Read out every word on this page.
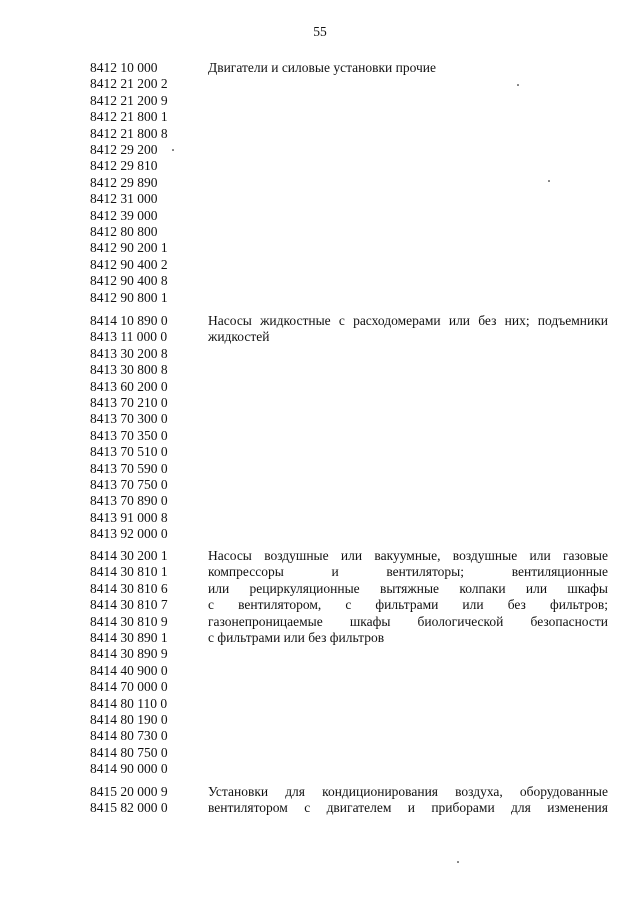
55
8412 10 000
8412 21 200 2
8412 21 200 9
8412 21 800 1
8412 21 800 8
8412 29 200
8412 29 810
8412 29 890
8412 31 000
8412 39 000
8412 80 800
8412 90 200 1
8412 90 400 2
8412 90 400 8
8412 90 800 1
Двигатели и силовые установки прочие
8414 10 890 0
8413 11 000 0
8413 30 200 8
8413 30 800 8
8413 60 200 0
8413 70 210 0
8413 70 300 0
8413 70 350 0
8413 70 510 0
8413 70 590 0
8413 70 750 0
8413 70 890 0
8413 91 000 8
8413 92 000 0
Насосы жидкостные с расходомерами или без них; подъемники
жидкостей
8414 30 200 1
8414 30 810 1
8414 30 810 6
8414 30 810 7
8414 30 810 9
8414 30 890 1
8414 30 890 9
8414 40 900 0
8414 70 000 0
8414 80 110 0
8414 80 190 0
8414 80 730 0
8414 80 750 0
8414 90 000 0
Насосы воздушные или вакуумные, воздушные или газовые
компрессоры и вентиляторы; вентиляционные
или рециркуляционные вытяжные колпаки или шкафы
с вентилятором, с фильтрами или без фильтров;
газонепроницаемые шкафы биологической безопасности
с фильтрами или без фильтров
8415 20 000 9
8415 82 000 0
Установки для кондиционирования воздуха, оборудованные
вентилятором с двигателем и приборами для изменения
